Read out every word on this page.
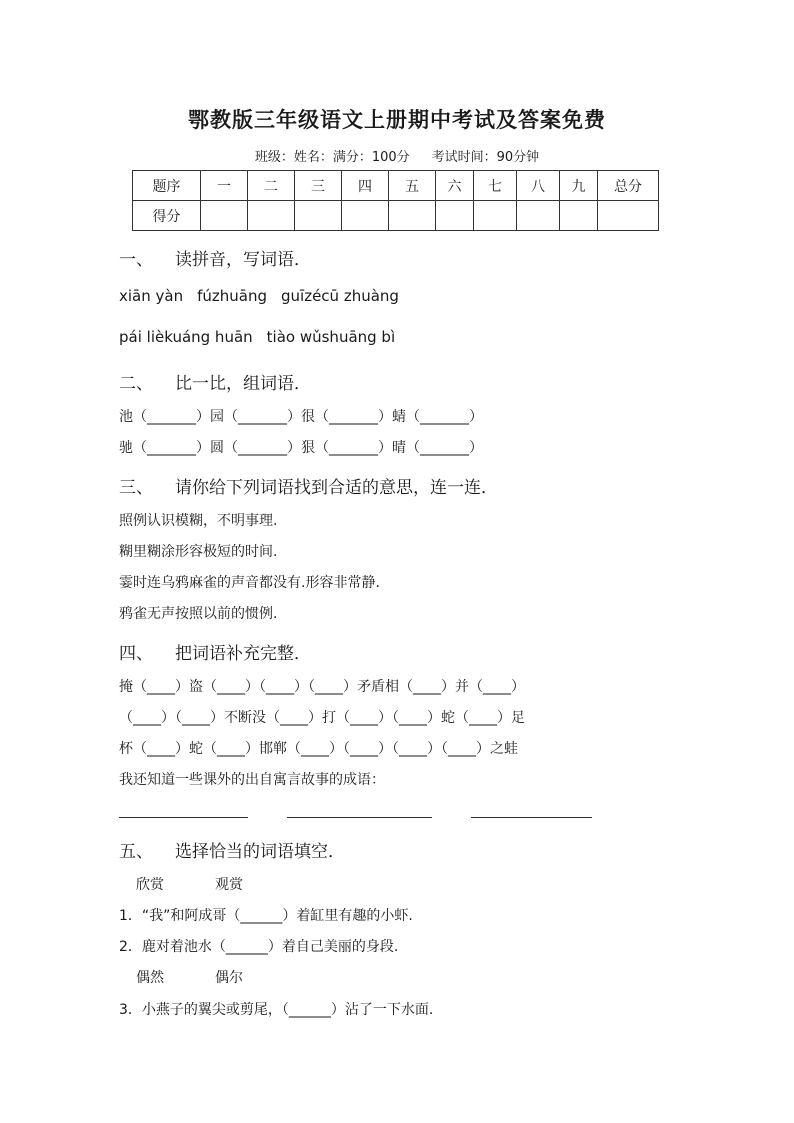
鄂教版三年级语文上册期中考试及答案免费
班级：姓名：满分：100分 考试时间：90分钟
题序	一	二	三	四	五	六	七	八	九	总分
得分										
一、 读拼音，写词语．
xiān yàn fúzhuāng guīzécū zhuàng
pái lièkuáng huān tiào wǔshuāng bì
二、 比一比，组词语．
池（_______）园（_______）很（_______）蜻（_______）
驰（_______）圆（_______）狠（_______）晴（_______）
三、 请你给下列词语找到合适的意思，连一连．
照例认识模糊，不明事理.
糊里糊涂形容极短的时间.
霎时连乌鸦麻雀的声音都没有.形容非常静.
鸦雀无声按照以前的惯例.
四、 把词语补充完整．
掩（____）盗（____）（____）（____）矛盾相（____）并（____）
（____）（____）不断没（____）打（____）（____）蛇（____）足
杯（____）蛇（____）邯郸（____）（____）（____）（____）之蛙
我还知道一些课外的出自寓言故事的成语：
五、 选择恰当的词语填空．
欣赏	观赏
1．“我”和阿成哥（______）着缸里有趣的小虾.
2．鹿对着池水（______）着自己美丽的身段.
偶然	偶尔
3．小燕子的翼尖或剪尾，（______）沾了一下水面.
